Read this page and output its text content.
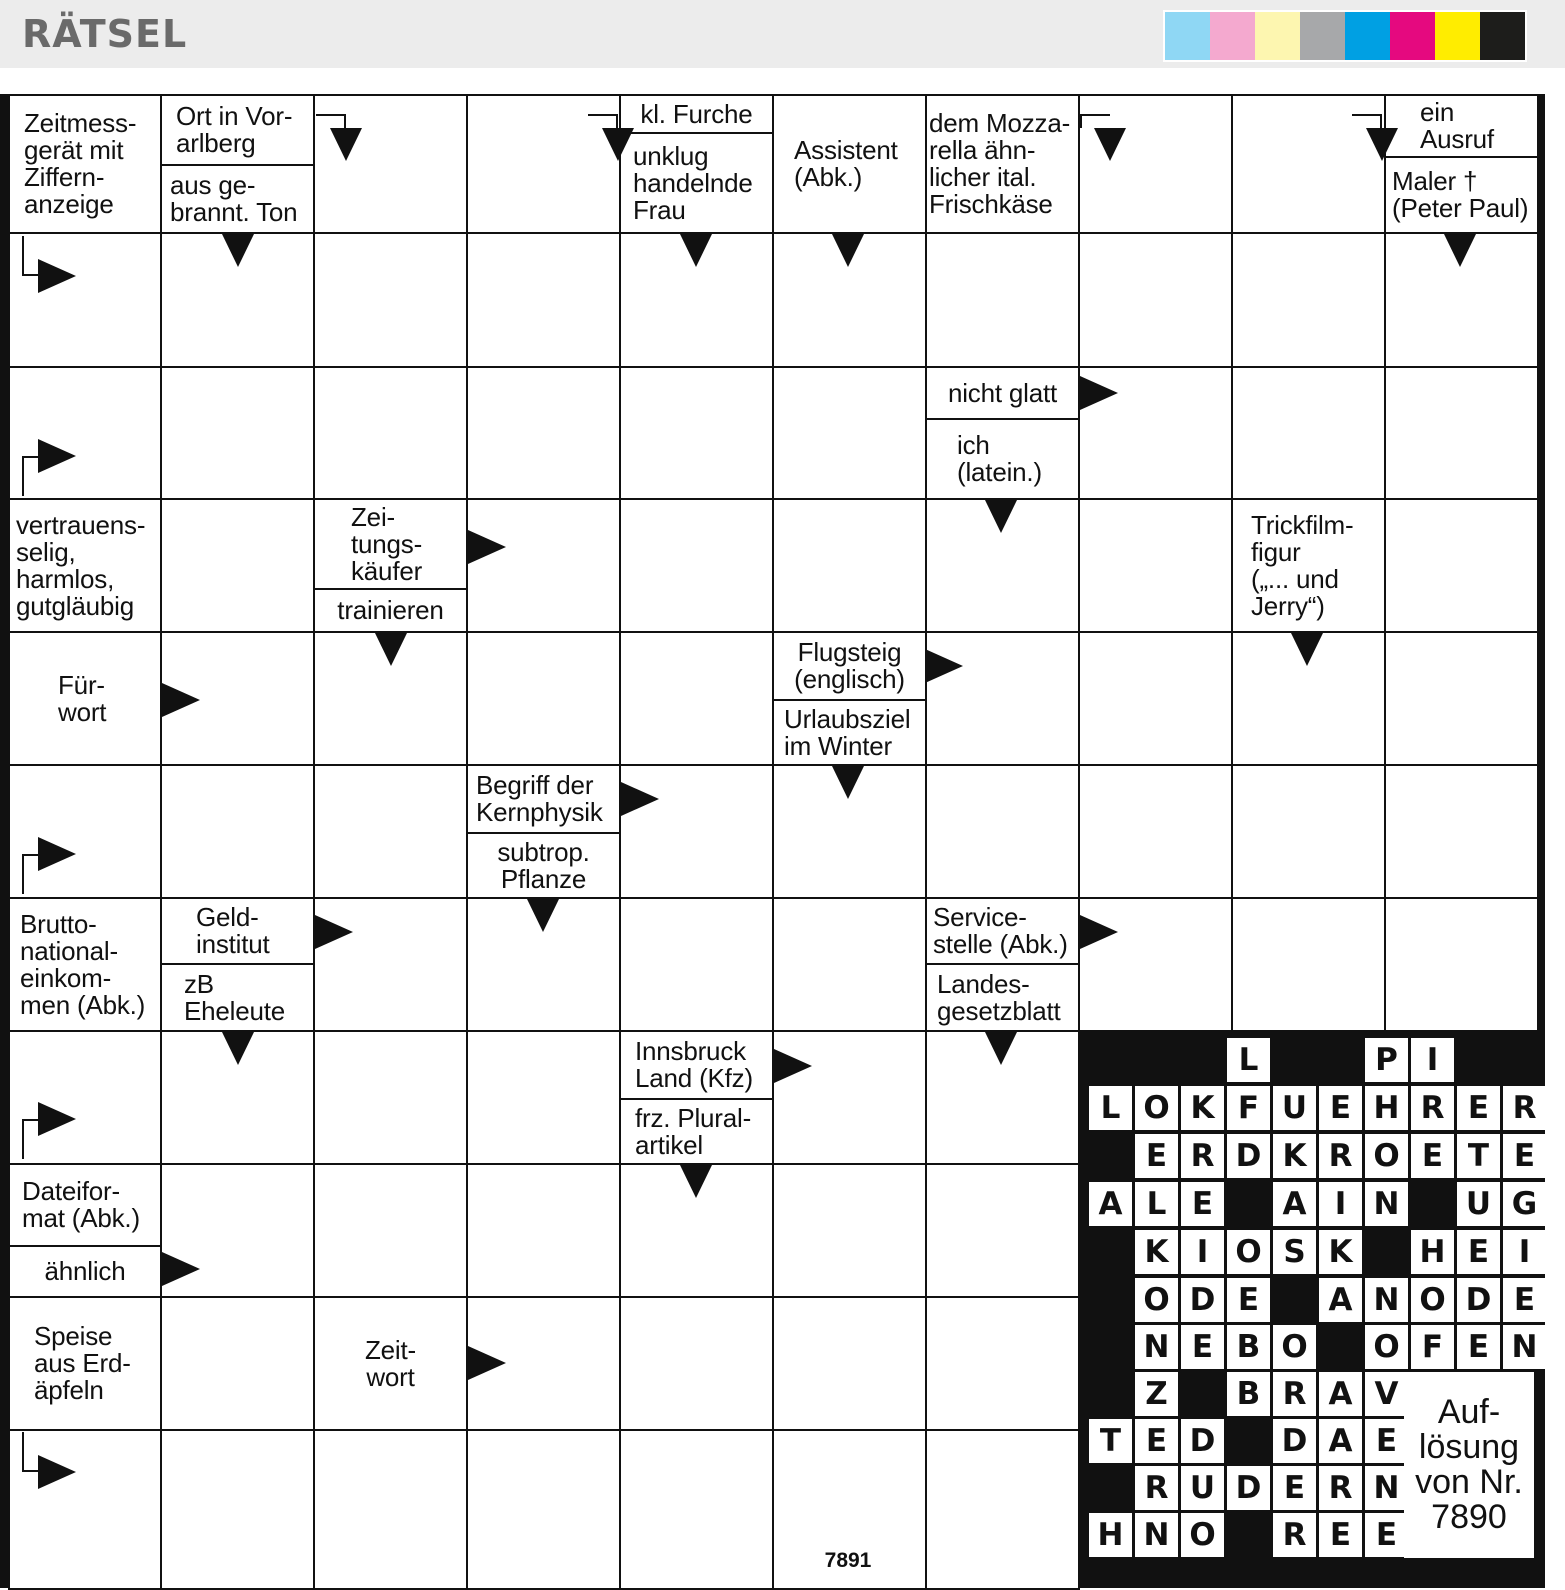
RÄTSEL
Zeitmess-
gerät mit
Ziffern-
anzeige
Ort in Vor-
arlberg
aus ge-
brannt. Ton
kl. Furche
unklug
handelnde
Frau
Assistent
(Abk.)
dem Mozza-
rella ähn-
licher ital.
Frischkäse
ein
Ausruf
Maler †
(Peter Paul)
nicht glatt
ich
(latein.)
vertrauens-
selig,
harmlos,
gutgläubig
Zei-
tungs-
käufer
trainieren
Trickfilm-
figur
(„... und
Jerry“)
Für-
wort
Flugsteig
(englisch)
Urlaubsziel
im Winter
Begriff der
Kernphysik
subtrop.
Pflanze
Brutto-
national-
einkom-
men (Abk.)
Geld-
institut
zB
Eheleute
Service-
stelle (Abk.)
Landes-
gesetzblatt
Innsbruck
Land (Kfz)
frz. Plural-
artikel
Dateifor-
mat (Abk.)
ähnlich
Speise
aus Erd-
äpfeln
Zeit-
wort
7891
L	P I
L O K F U E H R E R
E R D K R O E T E
A L E	A I N U G
K I O S K	H E I
O D E	A N O D E
N E B O O F E N
Z	B R A V
T E D D A E
R U D E R N
H N O	R E E
Auf-
lösung
von Nr.
7890
